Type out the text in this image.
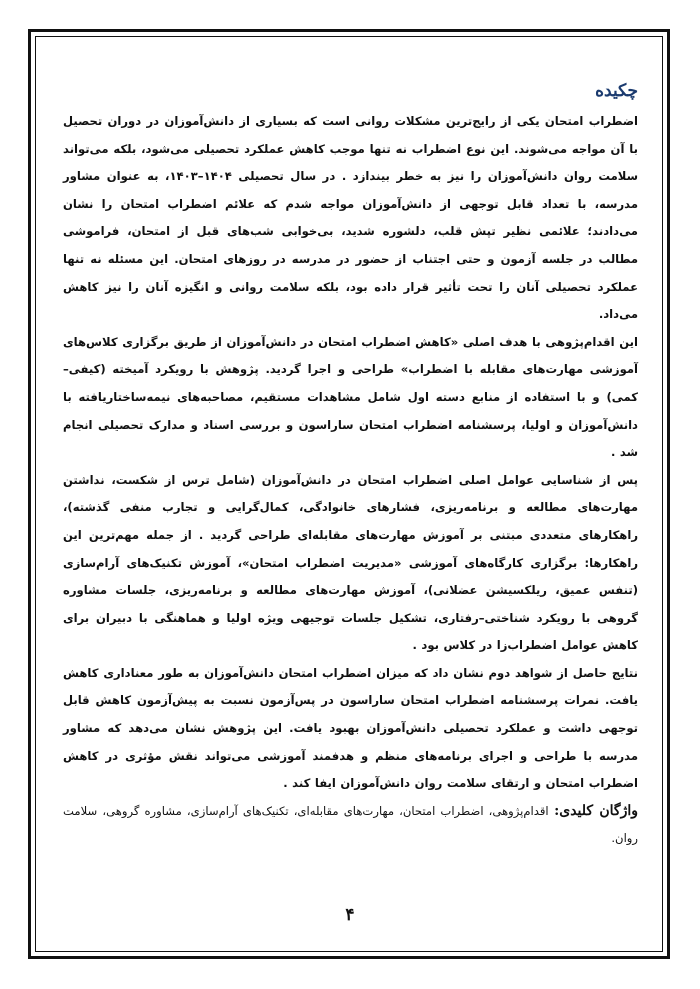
چکیده

اضطراب امتحان یکی از رایج‌ترین مشکلات روانی است که بسیاری از دانش‌آموزان در دوران تحصیل با آن مواجه می‌شوند. این نوع اضطراب نه تنها موجب کاهش عملکرد تحصیلی می‌شود، بلکه می‌تواند سلامت روان دانش‌آموزان را نیز به خطر بیندازد . در سال تحصیلی ۱۴۰۴–۱۴۰۳، به عنوان مشاور مدرسه، با تعداد قابل توجهی از دانش‌آموزان مواجه شدم که علائم اضطراب امتحان را نشان می‌دادند؛ علائمی نظیر تپش قلب، دلشوره شدید، بی‌خوابی شب‌های قبل از امتحان، فراموشی مطالب در جلسه آزمون و حتی اجتناب از حضور در مدرسه در روزهای امتحان. این مسئله نه تنها عملکرد تحصیلی آنان را تحت تأثیر قرار داده بود، بلکه سلامت روانی و انگیزه آنان را نیز کاهش می‌داد.

این اقدام‌پژوهی با هدف اصلی «کاهش اضطراب امتحان در دانش‌آموزان از طریق برگزاری کلاس‌های آموزشی مهارت‌های مقابله با اضطراب» طراحی و اجرا گردید. پژوهش با رویکرد آمیخته (کیفی–کمی) و با استفاده از منابع دسته اول شامل مشاهدات مستقیم، مصاحبه‌های نیمه‌ساختاریافته با دانش‌آموزان و اولیا، پرسشنامه اضطراب امتحان ساراسون و بررسی اسناد و مدارک تحصیلی انجام شد .

پس از شناسایی عوامل اصلی اضطراب امتحان در دانش‌آموزان (شامل ترس از شکست، نداشتن مهارت‌های مطالعه و برنامه‌ریزی، فشارهای خانوادگی، کمال‌گرایی و تجارب منفی گذشته)، راهکارهای متعددی مبتنی بر آموزش مهارت‌های مقابله‌ای طراحی گردید . از جمله مهم‌ترین این راهکارها: برگزاری کارگاه‌های آموزشی «مدیریت اضطراب امتحان»، آموزش تکنیک‌های آرام‌سازی (تنفس عمیق، ریلکسیشن عضلانی)، آموزش مهارت‌های مطالعه و برنامه‌ریزی، جلسات مشاوره گروهی با رویکرد شناختی–رفتاری، تشکیل جلسات توجیهی ویژه اولیا و هماهنگی با دبیران برای کاهش عوامل اضطراب‌زا در کلاس بود .

نتایج حاصل از شواهد دوم نشان داد که میزان اضطراب امتحان دانش‌آموزان به طور معناداری کاهش یافت. نمرات پرسشنامه اضطراب امتحان ساراسون در پس‌آزمون نسبت به پیش‌آزمون کاهش قابل توجهی داشت و عملکرد تحصیلی دانش‌آموزان بهبود یافت. این پژوهش نشان می‌دهد که مشاور مدرسه با طراحی و اجرای برنامه‌های منظم و هدفمند آموزشی می‌تواند نقش مؤثری در کاهش اضطراب امتحان و ارتقای سلامت روان دانش‌آموزان ایفا کند .

واژگان کلیدی: اقدام‌پژوهی، اضطراب امتحان، مهارت‌های مقابله‌ای، تکنیک‌های آرام‌سازی، مشاوره گروهی، سلامت روان.

۴
